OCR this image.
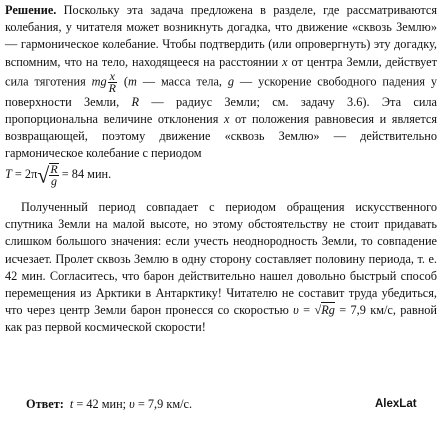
Решение. Поскольку эта задача предложена в разделе, где рассматриваются колебания, у читателя может возникнуть догадка, что движение «сквозь Землю» — гармоническое колебание. Чтобы подтвердить (или опровергнуть) эту догадку, вспомним, что на тело, находящееся на расстоянии x от центра Земли, действует сила тяготения mg $\frac{x}{R} (m$ — масса тела, g — ускорение свободного падения у поверхности Земли, R — радиус Земли; см. задачу 3.6). Эта сила пропорциональна величине отклонения x от положения равновесия и является возвращающей, поэтому движение «сквозь Землю» — действительно гармоническое колебание с периодом
$T = 2\pi√ \frac{R}{g} = 84$ мин.

Полученный период совпадает с периодом обращения искусственного спутника Земли на малой высоте, но этому обстоятельству не стоит придавать слишком большого значения: если учесть неоднородность Земли, то совпадение исчезает. Пролет сквозь Землю в одну сторону составляет половину периода, т. е. 42 мин. Согласитесь, что барон действительно нашел довольно быстрый способ перемещения из Арктики в Антарктику! Читателю не составит труда убедиться, что через центр Земли барон пронесся со скоростью υ = √Rg = 7,9 км/с, равной как раз первой космической скорости!

Ответ: t = 42 мин; υ = 7,9 км/с.	AlexLat
